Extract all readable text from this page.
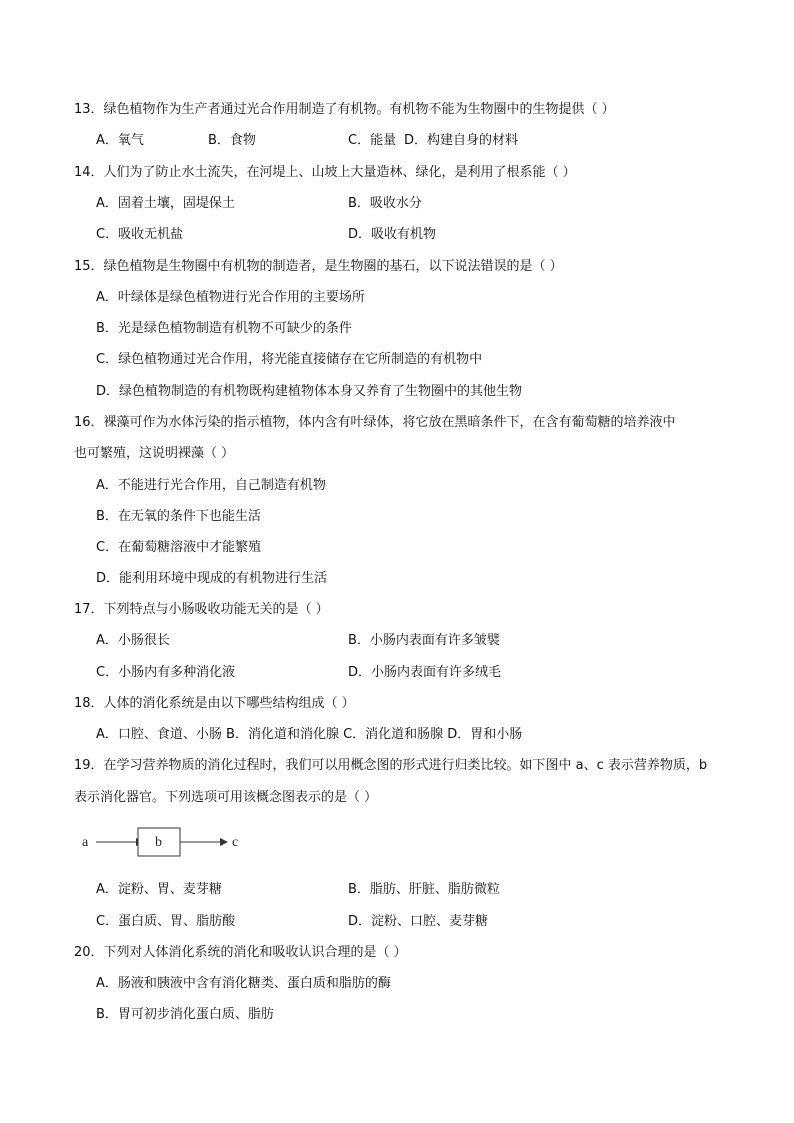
13．绿色植物作为生产者通过光合作用制造了有机物。有机物不能为生物圈中的生物提供（ ）
A．氧气	B．食物	C．能量 D．构建自身的材料
14．人们为了防止水土流失，在河堤上、山坡上大量造林、绿化，是利用了根系能（ ）
A．固着土壤，固堤保土	B．吸收水分
C．吸收无机盐	D．吸收有机物
15．绿色植物是生物圈中有机物的制造者，是生物圈的基石，以下说法错误的是（ ）
A．叶绿体是绿色植物进行光合作用的主要场所
B．光是绿色植物制造有机物不可缺少的条件
C．绿色植物通过光合作用，将光能直接储存在它所制造的有机物中
D．绿色植物制造的有机物既构建植物体本身又养育了生物圈中的其他生物
16．裸藻可作为水体污染的指示植物，体内含有叶绿体，将它放在黑暗条件下，在含有葡萄糖的培养液中
也可繁殖，这说明裸藻（ ）
A．不能进行光合作用，自己制造有机物
B．在无氧的条件下也能生活
C．在葡萄糖溶液中才能繁殖
D．能利用环境中现成的有机物进行生活
17．下列特点与小肠吸收功能无关的是（ ）
A．小肠很长	B．小肠内表面有许多皱襞
C．小肠内有多种消化液	D．小肠内表面有许多绒毛
18．人体的消化系统是由以下哪些结构组成（ ）
A．口腔、食道、小肠 B．消化道和消化腺 C．消化道和肠腺 D．胃和小肠
19．在学习营养物质的消化过程时，我们可以用概念图的形式进行归类比较。如下图中 a、c 表示营养物质，b
表示消化器官。下列选项可用该概念图表示的是（ ）
a	b	c
A．淀粉、胃、麦芽糖	B．脂肪、肝脏、脂肪微粒
C．蛋白质、胃、脂肪酸	D．淀粉、口腔、麦芽糖
20．下列对人体消化系统的消化和吸收认识合理的是（ ）
A．肠液和胰液中含有消化糖类、蛋白质和脂肪的酶
B．胃可初步消化蛋白质、脂肪
